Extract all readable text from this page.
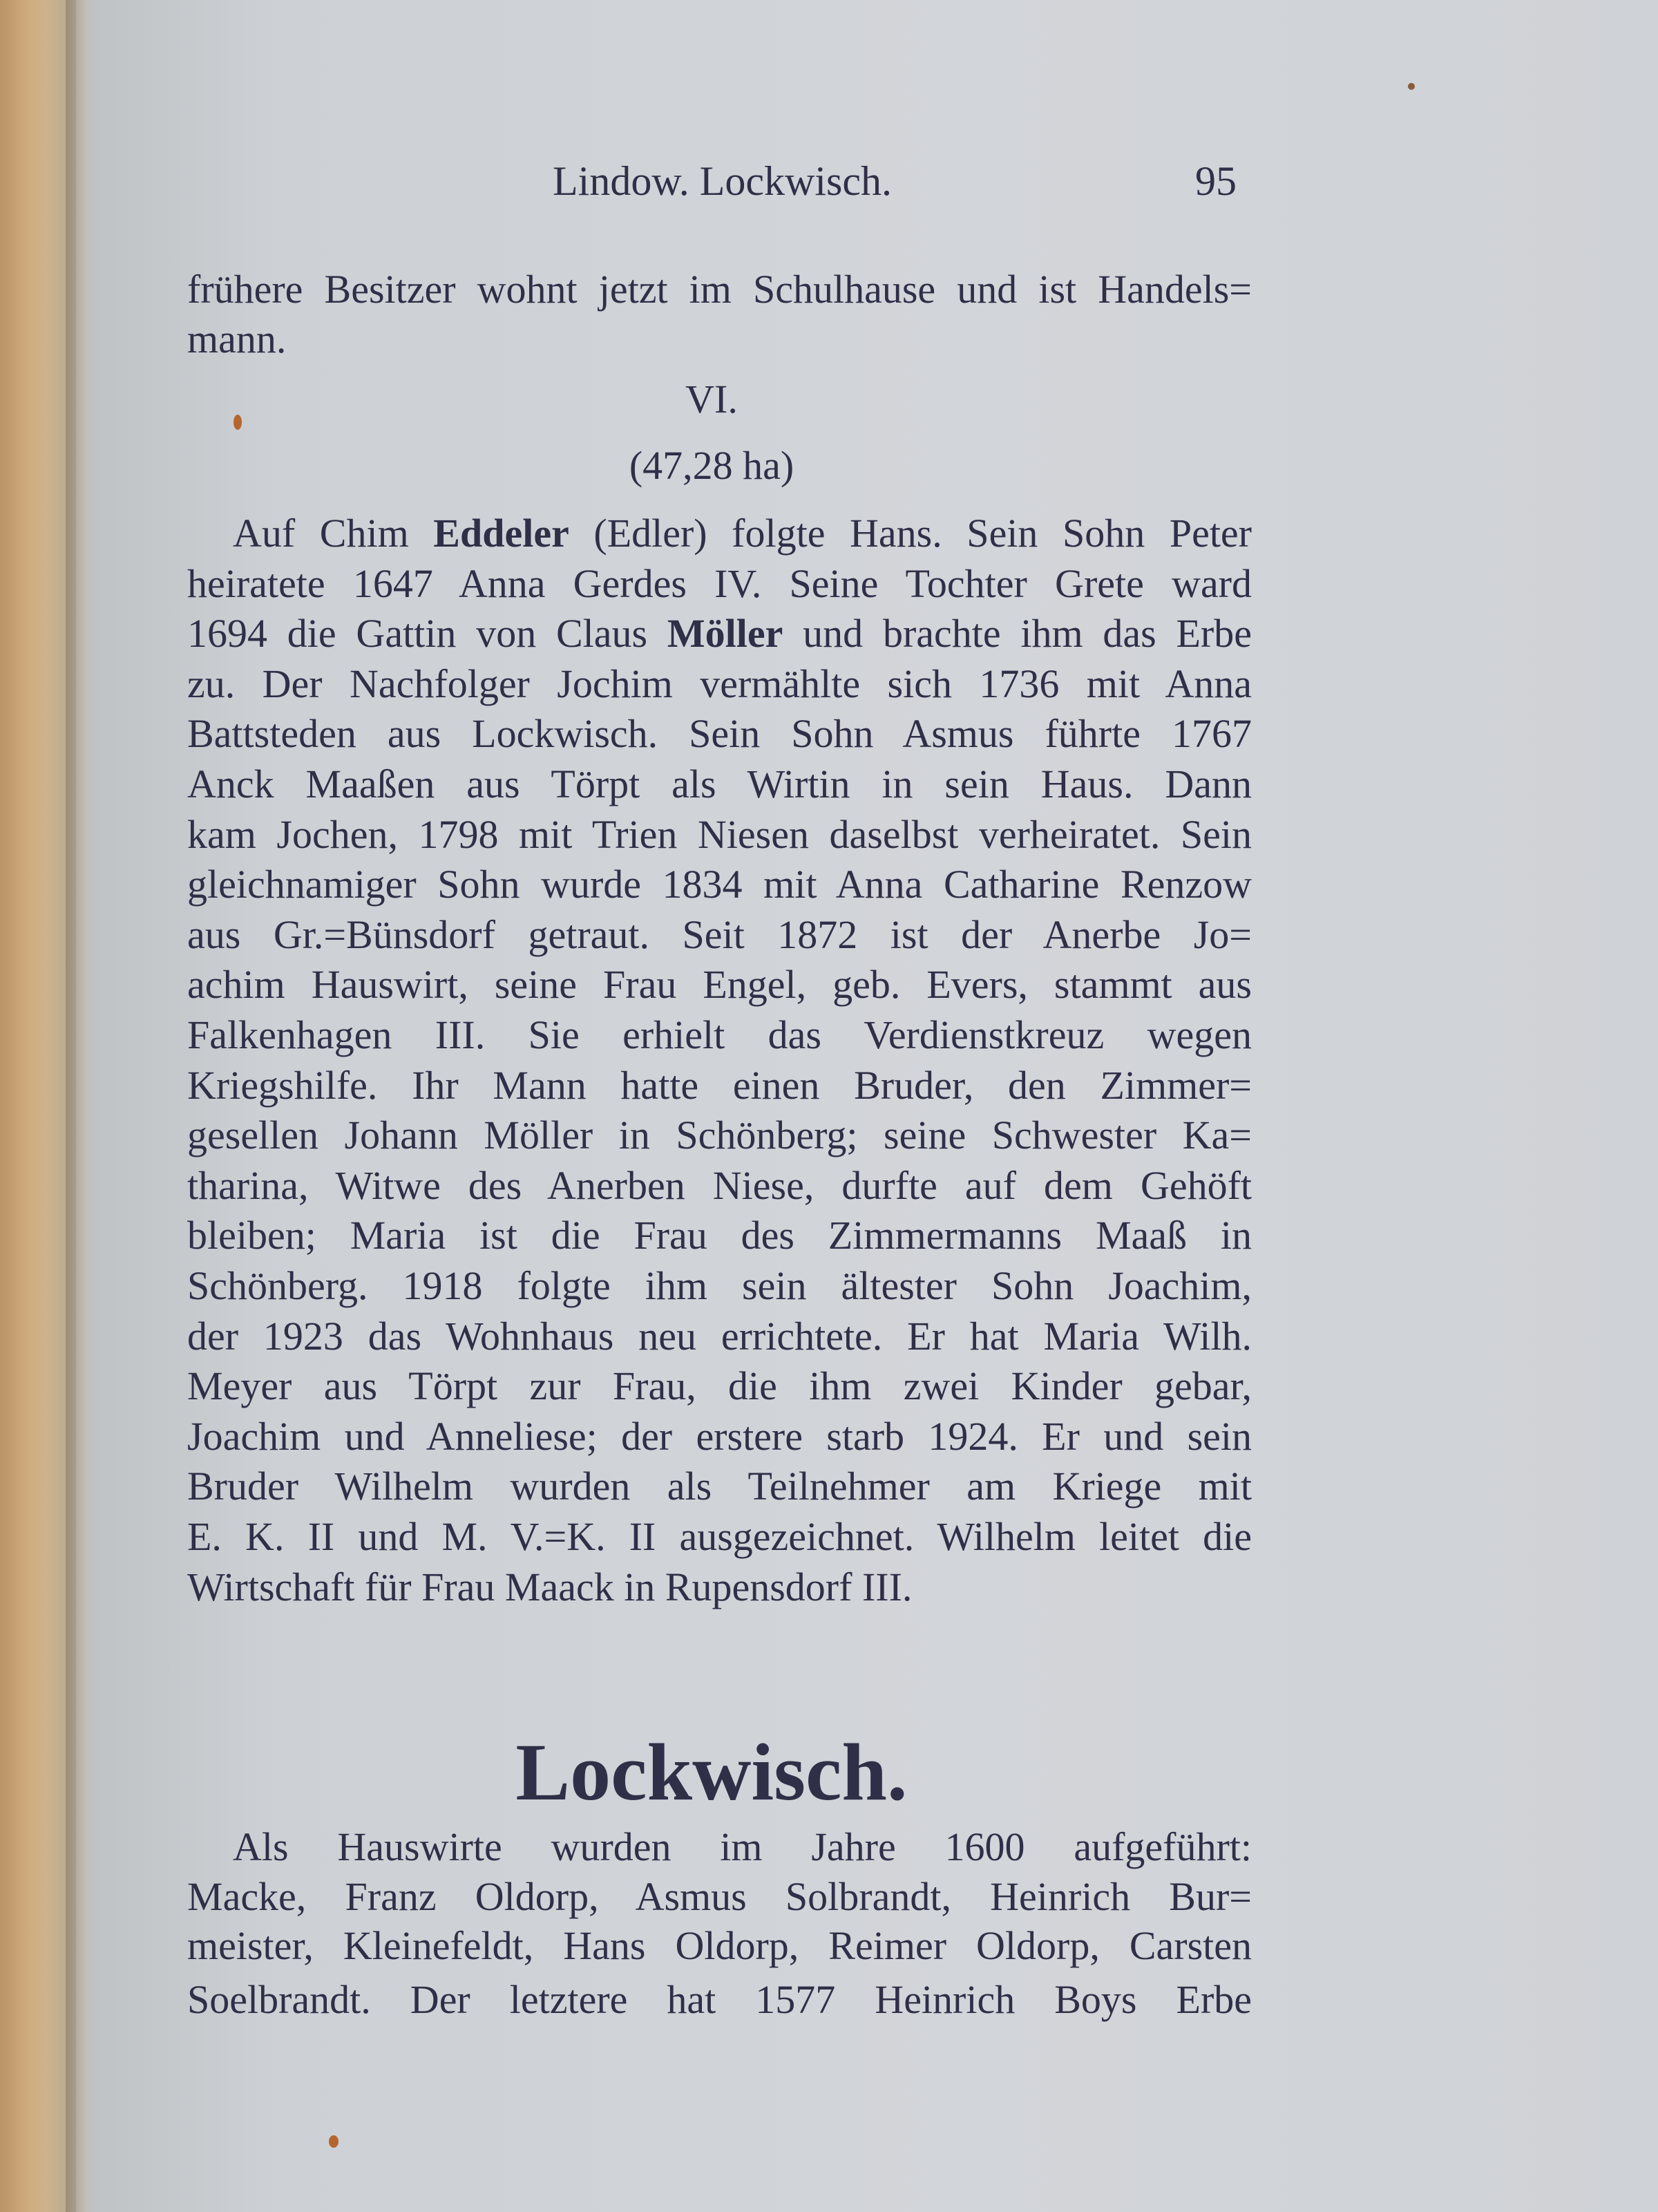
Lindow. Lockwisch.	95
frühere Besitzer wohnt jetzt im Schulhause und ist Handels=
mann.
VI.
(47,28 ha)
Auf Chim Eddeler (Edler) folgte Hans. Sein Sohn Peter
heiratete 1647 Anna Gerdes IV. Seine Tochter Grete ward
1694 die Gattin von Claus Möller und brachte ihm das Erbe
zu. Der Nachfolger Jochim vermählte sich 1736 mit Anna
Battsteden aus Lockwisch. Sein Sohn Asmus führte 1767
Anck Maaßen aus Törpt als Wirtin in sein Haus. Dann
kam Jochen, 1798 mit Trien Niesen daselbst verheiratet. Sein
gleichnamiger Sohn wurde 1834 mit Anna Catharine Renzow
aus Gr.=Bünsdorf getraut. Seit 1872 ist der Anerbe Jo=
achim Hauswirt, seine Frau Engel, geb. Evers, stammt aus
Falkenhagen III. Sie erhielt das Verdienstkreuz wegen
Kriegshilfe. Ihr Mann hatte einen Bruder, den Zimmer=
gesellen Johann Möller in Schönberg; seine Schwester Ka=
tharina, Witwe des Anerben Niese, durfte auf dem Gehöft
bleiben; Maria ist die Frau des Zimmermanns Maaß in
Schönberg. 1918 folgte ihm sein ältester Sohn Joachim,
der 1923 das Wohnhaus neu errichtete. Er hat Maria Wilh.
Meyer aus Törpt zur Frau, die ihm zwei Kinder gebar,
Joachim und Anneliese; der erstere starb 1924. Er und sein
Bruder Wilhelm wurden als Teilnehmer am Kriege mit
E. K. II und M. V.=K. II ausgezeichnet. Wilhelm leitet die
Wirtschaft für Frau Maack in Rupensdorf III.
Lockwisch.
Als Hauswirte wurden im Jahre 1600 aufgeführt:
Macke, Franz Oldorp, Asmus Solbrandt, Heinrich Bur=
meister, Kleinefeldt, Hans Oldorp, Reimer Oldorp, Carsten
Soelbrandt. Der letztere hat 1577 Heinrich Boys Erbe
